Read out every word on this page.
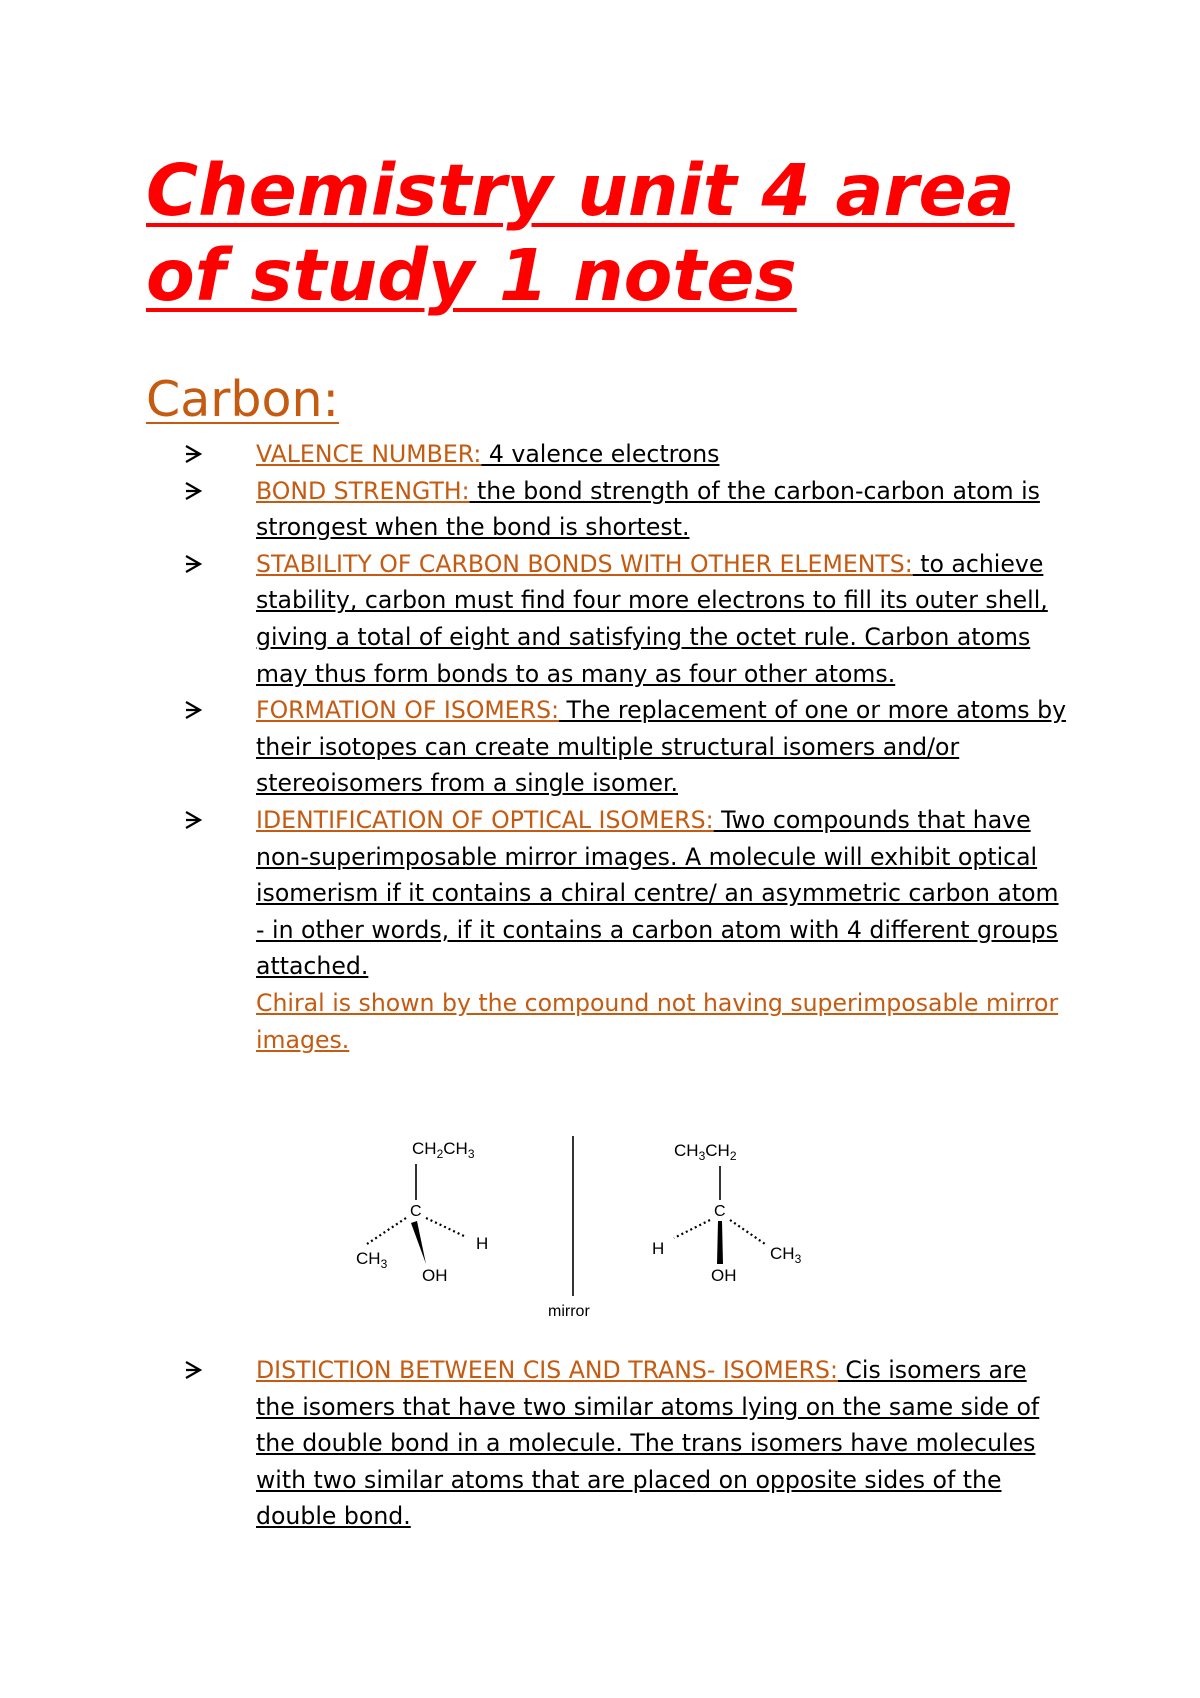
Chemistry unit 4 area of study 1 notes
Carbon:
VALENCE NUMBER: 4 valence electrons
BOND STRENGTH: the bond strength of the carbon-carbon atom is strongest when the bond is shortest.
STABILITY OF CARBON BONDS WITH OTHER ELEMENTS: to achieve stability, carbon must find four more electrons to fill its outer shell, giving a total of eight and satisfying the octet rule. Carbon atoms may thus form bonds to as many as four other atoms.
FORMATION OF ISOMERS: The replacement of one or more atoms by their isotopes can create multiple structural isomers and/or stereoisomers from a single isomer.
IDENTIFICATION OF OPTICAL ISOMERS: Two compounds that have non-superimposable mirror images. A molecule will exhibit optical isomerism if it contains a chiral centre/ an asymmetric carbon atom - in other words, if it contains a carbon atom with 4 different groups attached.
Chiral is shown by the compound not having superimposable mirror images.
$CH_2CH_3$
C
$CH_3$
H
OH
mirror
$CH_3CH_2$
C
H	$CH_3$
OH
DISTICTION BETWEEN CIS AND TRANS- ISOMERS: Cis isomers are the isomers that have two similar atoms lying on the same side of the double bond in a molecule. The trans isomers have molecules with two similar atoms that are placed on opposite sides of the double bond.
